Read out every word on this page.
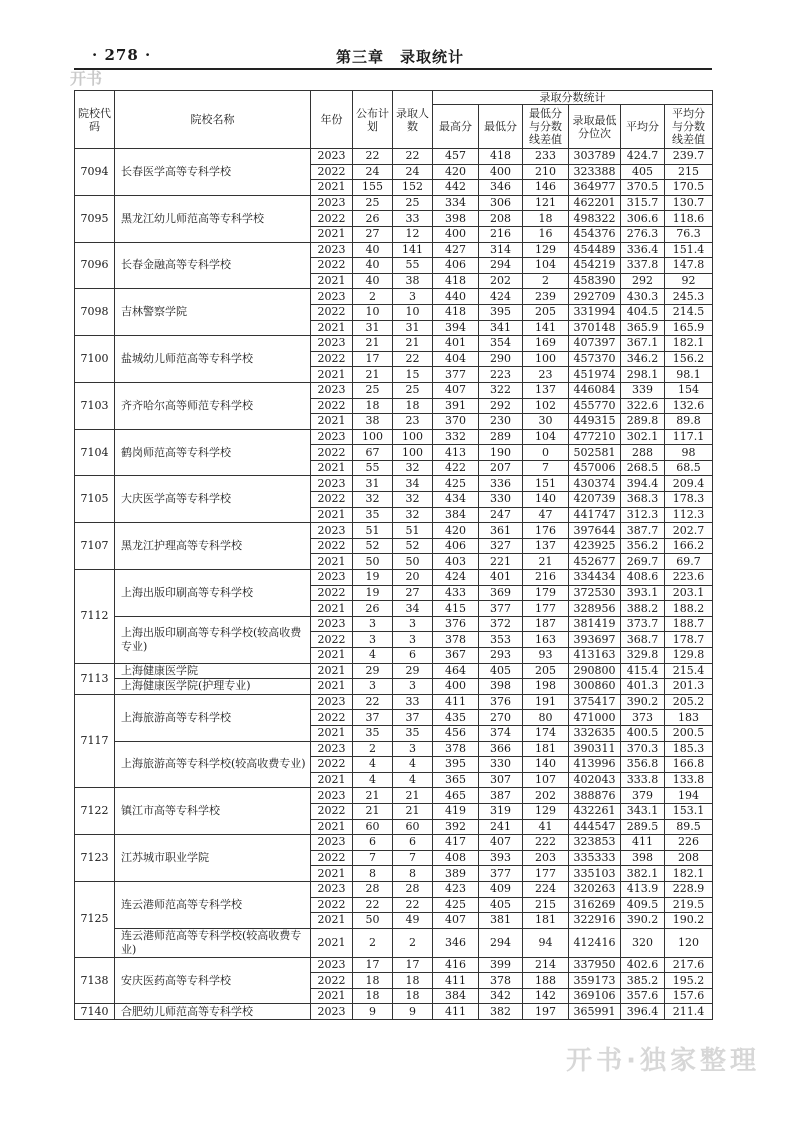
· 278 ·	第三章　录取统计
开书
院校代码	院校名称	年份	公布计划	录取人数	录取分数统计					
					最高分	最低分	最低分与分数线差值	录取最低分位次	平均分	平均分与分数线差值
7094	长春医学高等专科学校	2023	22	22	457	418	233	303789	424.7	239.7
		2022	24	24	420	400	210	323388	405	215
		2021	155	152	442	346	146	364977	370.5	170.5
7095	黑龙江幼儿师范高等专科学校	2023	25	25	334	306	121	462201	315.7	130.7
		2022	26	33	398	208	18	498322	306.6	118.6
		2021	27	12	400	216	16	454376	276.3	76.3
7096	长春金融高等专科学校	2023	40	141	427	314	129	454489	336.4	151.4
		2022	40	55	406	294	104	454219	337.8	147.8
		2021	40	38	418	202	2	458390	292	92
7098	吉林警察学院	2023	2	3	440	424	239	292709	430.3	245.3
		2022	10	10	418	395	205	331994	404.5	214.5
		2021	31	31	394	341	141	370148	365.9	165.9
7100	盐城幼儿师范高等专科学校	2023	21	21	401	354	169	407397	367.1	182.1
		2022	17	22	404	290	100	457370	346.2	156.2
		2021	21	15	377	223	23	451974	298.1	98.1
7103	齐齐哈尔高等师范专科学校	2023	25	25	407	322	137	446084	339	154
		2022	18	18	391	292	102	455770	322.6	132.6
		2021	38	23	370	230	30	449315	289.8	89.8
7104	鹤岗师范高等专科学校	2023	100	100	332	289	104	477210	302.1	117.1
		2022	67	100	413	190	0	502581	288	98
		2021	55	32	422	207	7	457006	268.5	68.5
7105	大庆医学高等专科学校	2023	31	34	425	336	151	430374	394.4	209.4
		2022	32	32	434	330	140	420739	368.3	178.3
		2021	35	32	384	247	47	441747	312.3	112.3
7107	黑龙江护理高等专科学校	2023	51	51	420	361	176	397644	387.7	202.7
		2022	52	52	406	327	137	423925	356.2	166.2
		2021	50	50	403	221	21	452677	269.7	69.7
7112	上海出版印刷高等专科学校	2023	19	20	424	401	216	334434	408.6	223.6
		2022	19	27	433	369	179	372530	393.1	203.1
		2021	26	34	415	377	177	328956	388.2	188.2
	上海出版印刷高等专科学校(较高收费专业)	2023	3	3	376	372	187	381419	373.7	188.7
		2022	3	3	378	353	163	393697	368.7	178.7
		2021	4	6	367	293	93	413163	329.8	129.8
7113	上海健康医学院	2021	29	29	464	405	205	290800	415.4	215.4
	上海健康医学院(护理专业)	2021	3	3	400	398	198	300860	401.3	201.3
7117	上海旅游高等专科学校	2023	22	33	411	376	191	375417	390.2	205.2
		2022	37	37	435	270	80	471000	373	183
		2021	35	35	456	374	174	332635	400.5	200.5
	上海旅游高等专科学校(较高收费专业)	2023	2	3	378	366	181	390311	370.3	185.3
		2022	4	4	395	330	140	413996	356.8	166.8
		2021	4	4	365	307	107	402043	333.8	133.8
7122	镇江市高等专科学校	2023	21	21	465	387	202	388876	379	194
		2022	21	21	419	319	129	432261	343.1	153.1
		2021	60	60	392	241	41	444547	289.5	89.5
7123	江苏城市职业学院	2023	6	6	417	407	222	323853	411	226
		2022	7	7	408	393	203	335333	398	208
		2021	8	8	389	377	177	335103	382.1	182.1
7125	连云港师范高等专科学校	2023	28	28	423	409	224	320263	413.9	228.9
		2022	22	22	425	405	215	316269	409.5	219.5
		2021	50	49	407	381	181	322916	390.2	190.2
	连云港师范高等专科学校(较高收费专业)	2021	2	2	346	294	94	412416	320	120
7138	安庆医药高等专科学校	2023	17	17	416	399	214	337950	402.6	217.6
		2022	18	18	411	378	188	359173	385.2	195.2
		2021	18	18	384	342	142	369106	357.6	157.6
7140	合肥幼儿师范高等专科学校	2023	9	9	411	382	197	365991	396.4	211.4
开书·独家整理
